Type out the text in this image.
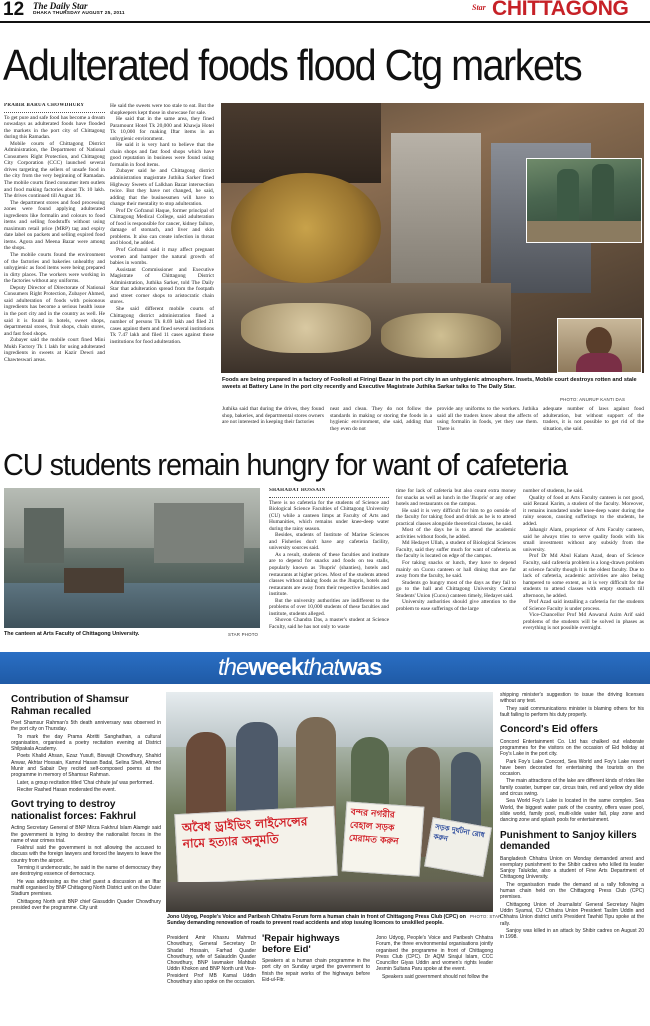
12 The Daily Star
DHAKA THURSDAY AUGUST 25, 2011
Star CHITTAGONG
Adulterated foods flood Ctg markets

PRABIR BARUA CHOWDHURY

To get pure and safe food has become a dream nowadays as adulterated foods have flooded the markets in the port city of Chittagong during this Ramadan.

Mobile courts of Chittagong District Administration, the Department of National Consumers Right Protection, and Chittagong City Corporation (CCC) launched several drives targeting the sellers of unsafe food in the city from the very beginning of Ramadan. The mobile courts fined consumer item outlets and food making factories about Tk 10 lakh. The drives continued till August 16.

The department stores and food processing zones were found applying adulterated ingredients like formalin and colours to food items and selling foodstuffs without using maximum retail price (MRP) tag and expiry date label on packets and selling expired food items. Agora and Meena Bazar were among the shops.

The mobile courts found the environment of the factories and bakeries unhealthy and unhygienic as food items were being prepared in dirty places. The workers were working in the factories without any uniforms.

Deputy Director of Directorate of National Consumers Right Protection, Zubayer Ahmed, said adulteration of foods with poisonous ingredients has become a serious health issue in the port city and in the country as well. He said it is found in hotels, sweet shops, departmental stores, fruit shops, chain stores, and fast food shops.

Zubayer said the mobile court fined Mini Mukh Factory Tk 1 lakh for using adulterated ingredients in sweets at Kazir Dewri and Chawteswari areas.

He said the sweets were too stale to eat. But the shopkeepers kept those in showcase for sale.

He said that in the same area, they fined Paramount Hotel Tk 20,000 and Khawja Hotel Tk 10,000 for making Iftar items in an unhygienic environment.

He said it is very hard to believe that the chain shops and fast food shops which have good reputation in business were found using formalin in food items.

Zubayer said he and Chittagong district administration magistrate Juthika Sarker fined Highway Sweets of Lalkhan Bazar intersection twice. But they have not changed, he said, adding that the businessmen will have to change their mentality to stop adulteration.

Prof Dr Gofranul Haque, former principal of Chittagong Medical College, said adulteration of food is responsible for cancer, kidney failure, damage of stomach, and liver and skin problems. It also can create infection in throat and blood, he added.

Prof Gofranul said it may affect pregnant women and hamper the natural growth of babies in wombs.

Assistant Commissioner and Executive Magistrate of Chittagong District Administration, Juthika Sarker, told The Daily Star that adulteration spread from the footpath and street corner shops to aristocratic chain stores.

She said different mobile courts of Chittagong district administration fined a number of persons Tk 8.69 lakh and filed 21 cases against them and fined several institutions Tk 7.47 lakh and filed 11 cases against those institutions for food adulteration.

Foods are being prepared in a factory of Foolkoli at Firingi Bazar in the port city in an unhygienic atmosphere. Insets, Mobile court destroys rotten and stale sweets at Battery Lane in the port city recently and Executive Magistrate Juthika Sarkar talks to The Daily Star.
PHOTO: ANURUP KANTI DAS

Juthika said that during the drives, they found shop, bakeries, and departmental stores owners are not interested in keeping their factories

neat and clean. They do not follow the standards in making or storing the foods in a hygienic environment, she said, adding that they even do not

provide any uniforms to the workers. Juthika said all the traders know about the affects of using formalin in foods, yet they use them. There is

adequate number of laws against food adulteration, but without support of the traders, it is not possible to get rid of the situation, she said.

CU students remain hungry for want of cafeteria
The canteen at Arts Faculty of Chittagong University.	STAR PHOTO

SHAHADAT HOSSAIN

There is no cafeteria for the students of Science and Biological Science Faculties of Chittagong University (CU) while a canteen limps at Faculty of Arts and Humanities, which remains under knee-deep water during the rainy season.

Besides, students of Institute of Marine Sciences and Fisheries don't have any cafeteria facility, university sources said.

As a result, students of these faculties and institute are to depend for snacks and foods on tea stalls, popularly known as 'Jhupris' (shanties), hotels and restaurants at higher prices. Most of the students attend classes without taking foods as the Jhupris, hotels and restaurants are away from their respective faculties and institute.

But the university authorities are indifferent to the problems of over 10,000 students of these faculties and institute, students alleged.

Shovon Chandra Das, a master's student at Science Faculty, said he has not only to waste

time for lack of cafeteria but also count extra money for snacks as well as lunch in the 'Jhupris' or any other hotels and restaurants on the campus.

He said it is very difficult for him to go outside of the faculty for taking food and drink as he is to attend practical classes alongside theoretical classes, he said.

Most of the days he is to attend the academic activities without foods, he added.

Md Hedayet Ullah, a student of Biological Sciences Faculty, said they suffer much for want of cafeteria as the faculty is located on edge of the campus.

For taking snacks or lunch, they have to depend mainly on Cucsu canteen or hall dining that are far away from the faculty, he said.

Students go hungry most of the days as they fail to go to the hall and Chittagong University Central Students' Union (Cucsu) canteen timely, Hedayet said.

University authorities should give attention to the problem to ease sufferings of the large

number of students, he said.

Quality of food at Arts Faculty canteen is not good, said Rezaul Karim, a student of the faculty. Moreover, it remains inundated under knee-deep water during the rainy season, causing sufferings to the students, he added.

Jahangir Alam, proprietor of Arts Faculty canteen, said he always tries to serve quality foods with his small investment without any subsidy from the university.

Prof Dr Md Abul Kalam Azad, dean of Science Faculty, said cafeteria problem is a long-drawn problem at science faculty though it is the oldest faculty. Due to lack of cafeteria, academic activities are also being hampered to some extent, as it is very difficult for the students to attend classes with empty stomach till afternoon, he added.

Prof Azad said installing a cafeteria for the students of Science Faculty is under process.

Vice-Chancellor Prof Md Anwarul Azim Arif said problems of the students will be solved in phases as everything is not possible overnight.

theweekthatwas
Contribution of Shamsur Rahman recalled

Poet Shamsur Rahman's 5th death anniversary was observed in the port city on Thursday.

To mark the day Prama Abritti Sanghathan, a cultural organisation, organised a poetry recitation evening at District Shilpakala Academy.

Poets Khalid Ahsan, Ezaz Yusufi, Biswajit Chowdhury, Shahid Anwar, Akhtar Hossain, Kamrul Hasan Badal, Selina Sheli, Ahmed Munir and Sabair Dey recited self-composed poems at the programme in memory of Shamsur Rahman.

Later, a group recitation titled 'Chai chhute jai' was performed.

Reciter Rashed Hasan moderated the event.

Govt trying to destroy nationalist forces: Fakhrul

Acting Secretary General of BNP Mirza Fakhrul Islam Alamgir said the government is trying to destroy the nationalist forces in the name of war crimes trial.

Fakhrul said the government is not allowing the accused to discuss with the foreign lawyers and forced the lawyers to leave the country from the airport.

Terming it undemocratic, he said in the name of democracy they are destroying essence of democracy.

He was addressing as the chief guest a discussion at an Iftar mahfil organised by BNP Chittagong North District unit on the Outer Stadium premises.

Chittagong North unit BNP chief Giasuddin Quader Chowdhury presided over the programme. City unit

অবৈধ ড্রাইভিং লাইসেন্সের নামে হত্যার অনুমতি
বন্দর নগরীর বেহাল সড়ক মেরামত করুন
সড়ক দুর্ঘটনা রোধ করুন
Jono Udyog, People's Voice and Paribesh Chhatra Forum form a human chain in front of Chittagong Press Club (CPC) on Sunday demanding renovation of roads to prevent road accidents and stop issuing licences to unskilled people.
PHOTO: STAR

President Amir Khasru Mahmud Chowdhury, General Secretary Dr Shadat Hossain, Farhad Quader Chowdhury, wife of Salauddin Quader Chowdhury, BNP lawmaker Mahbub Uddin Khokon and BNP North unit Vice-President Prof MB Kamal Uddin Chowdhury also spoke on the occasion.

'Repair highways before Eid'

Speakers at a human chain programme in the port city on Sunday urged the government to finish the repair works of the highways before Eid-ul-Fitr.

Jono Udyog, People's Voice and Paribesh Chhatra Forum, the three environmental organisations jointly organised the programme in front of Chittagong Press Club (CPC). Dr AQM Sirajul Islam, CCC Councillor Giyas Uddin and women's rights leader Jesmin Sultana Paru spoke at the event.

Speakers said government should not follow the

shipping minister's suggestion to issue the driving licenses without any test.

They said communications minister is blaming others for his fault failing to perform his duty properly.

Concord's Eid offers

Concord Entertainment Co. Ltd has chalked out elaborate programmes for the visitors on the occasion of Eid holiday at Foy's Lake in the port city.

Park Foy's Lake Concord, Sea World and Foy's Lake resort have been decorated for entertaining the tourists on the occasion.

The main attractions of the lake are different kinds of rides like family coaster, bumper car, circus train, red and yellow dry slide and circus swing.

Sea World Foy's Lake is located in the same complex. Sea World, the biggest water park of the country, offers wave pool, slide world, family pool, multi-slide water fall, play zone and dancing zone and splash pools for entertainment.

Punishment to Sanjoy killers demanded

Bangladesh Chhatra Union on Monday demanded arrest and exemplary punishment to the Shibir cadres who killed its leader Sanjoy Talukdar, also a student of Fine Arts Department of Chittagong University.

The organisation made the demand at a rally following a human chain held on the Chittagong Press Club (CPC) premises.

Chittagong Union of Journalists' General Secretary Najim Uddin Syamal, CU Chhatra Union President Taslim Uddin and Chhatra Union district unit's President Tawhid Tipu spoke at the rally.

Sanjoy was killed in an attack by Shibir cadres on August 20 in 1998.
